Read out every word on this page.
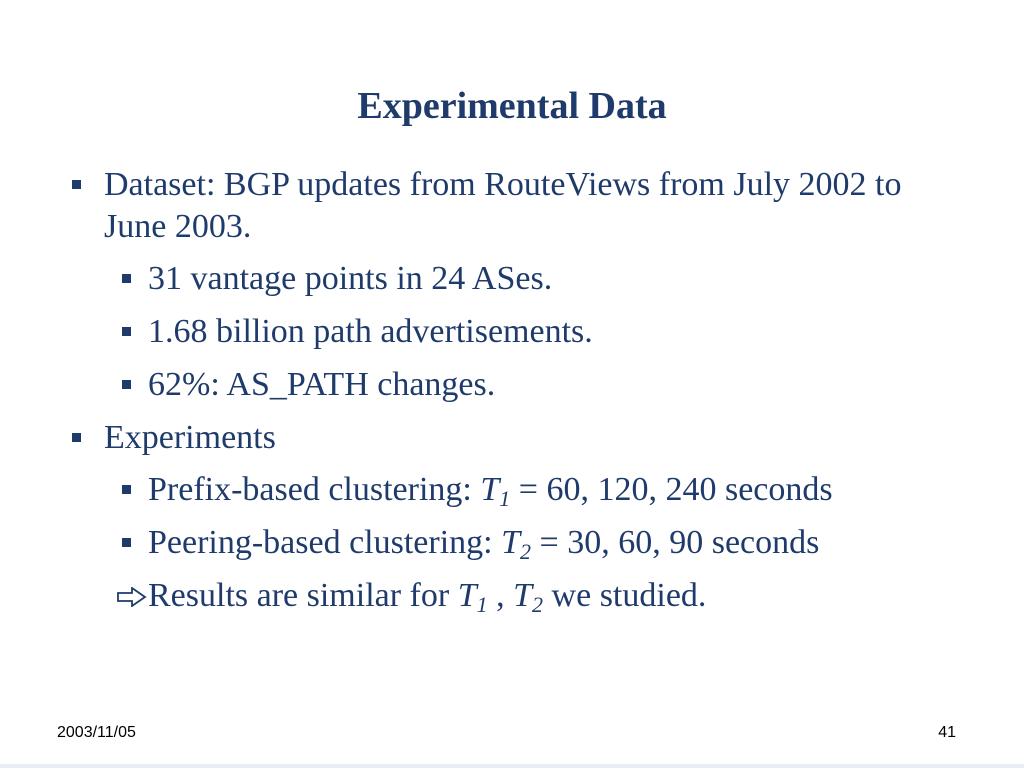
Experimental Data
Dataset: BGP updates from RouteViews from July 2002 to June 2003.
31 vantage points in 24 ASes.
1.68 billion path advertisements.
62%: AS_PATH changes.
Experiments
Prefix-based clustering: $T_1 = 60$, 120, 240 seconds
Peering-based clustering: $T_2 = 30$, 60, 90 seconds
Results are similar for $T_1$ , $T_2$ we studied.
2003/11/05	41
